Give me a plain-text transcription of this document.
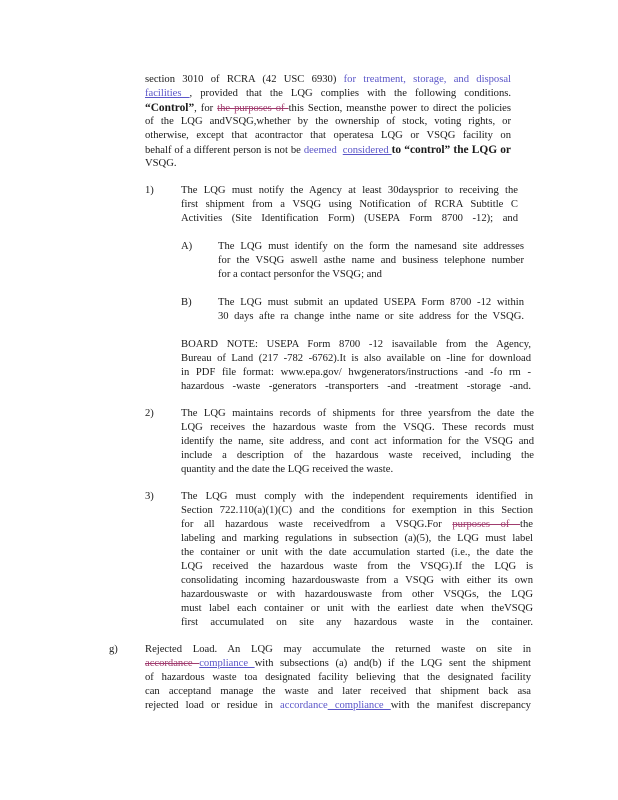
section 3010 of RCRA (42 USC 6930) for treatment, storage, and disposal
facilities , provided that the LQG complies with the following conditions.
“Control”, for the purposes of this Section, meansthe power to direct the policies
of the LQG andVSQG,whether by the ownership of stock, voting rights, or
otherwise, except that acontractor that operatesa LQG or VSQG facility on
behalf of a different person is not be deemed considered to “control” the LQG or
VSQG.
1)	The LQG must notify the Agency at least 30daysprior to receiving the
first shipment from a VSQG using Notification of RCRA Subtitle C
Activities (Site Identification Form) (USEPA Form 8700 -12); and
A) The LQG must identify on the form the namesand site addresses
for the VSQG aswell asthe name and business telephone number
for a contact personfor the VSQG; and
B) The LQG must submit an updated USEPA Form 8700 -12 within
30 days afte ra change inthe name or site address for the VSQG.
BOARD NOTE: USEPA Form 8700 -12 isavailable from the Agency,
Bureau of Land (217 -782 -6762).It is also available on -line for download
in PDF file format: www.epa.gov/ hwgenerators/instructions -and -fo rm -
hazardous -waste -generators -transporters -and -treatment -storage -and.
2)	The LQG maintains records of shipments for three yearsfrom the date the
LQG receives the hazardous waste from the VSQG. These records must
identify the name, site address, and cont act information for the VSQG and
include a description of the hazardous waste received, including the
quantity and the date the LQG received the waste.
3)	The LQG must comply with the independent requirements identified in
Section 722.110(a)(1)(C) and the conditions for exemption in this Section
for all hazardous waste receivedfrom a VSQG.For purposes of the
labeling and marking regulations in subsection (a)(5), the LQG must label
the container or unit with the date accumulation started (i.e., the date the
LQG received the hazardous waste from the VSQG).If the LQG is
consolidating incoming hazardouswaste from a VSQG with either its own
hazardouswaste or with hazardouswaste from other VSQGs, the LQG
must label each container or unit with the earliest date when theVSQG
first accumulated on site any hazardous waste in the container.
g)	Rejected Load. An LQG may accumulate the returned waste on site in
accordance compliance with subsections (a) and(b) if the LQG sent the shipment
of hazardous waste toa designated facility believing that the designated facility
can acceptand manage the waste and later received that shipment back asa
rejected load or residue in accordance compliance with the manifest discrepancy
